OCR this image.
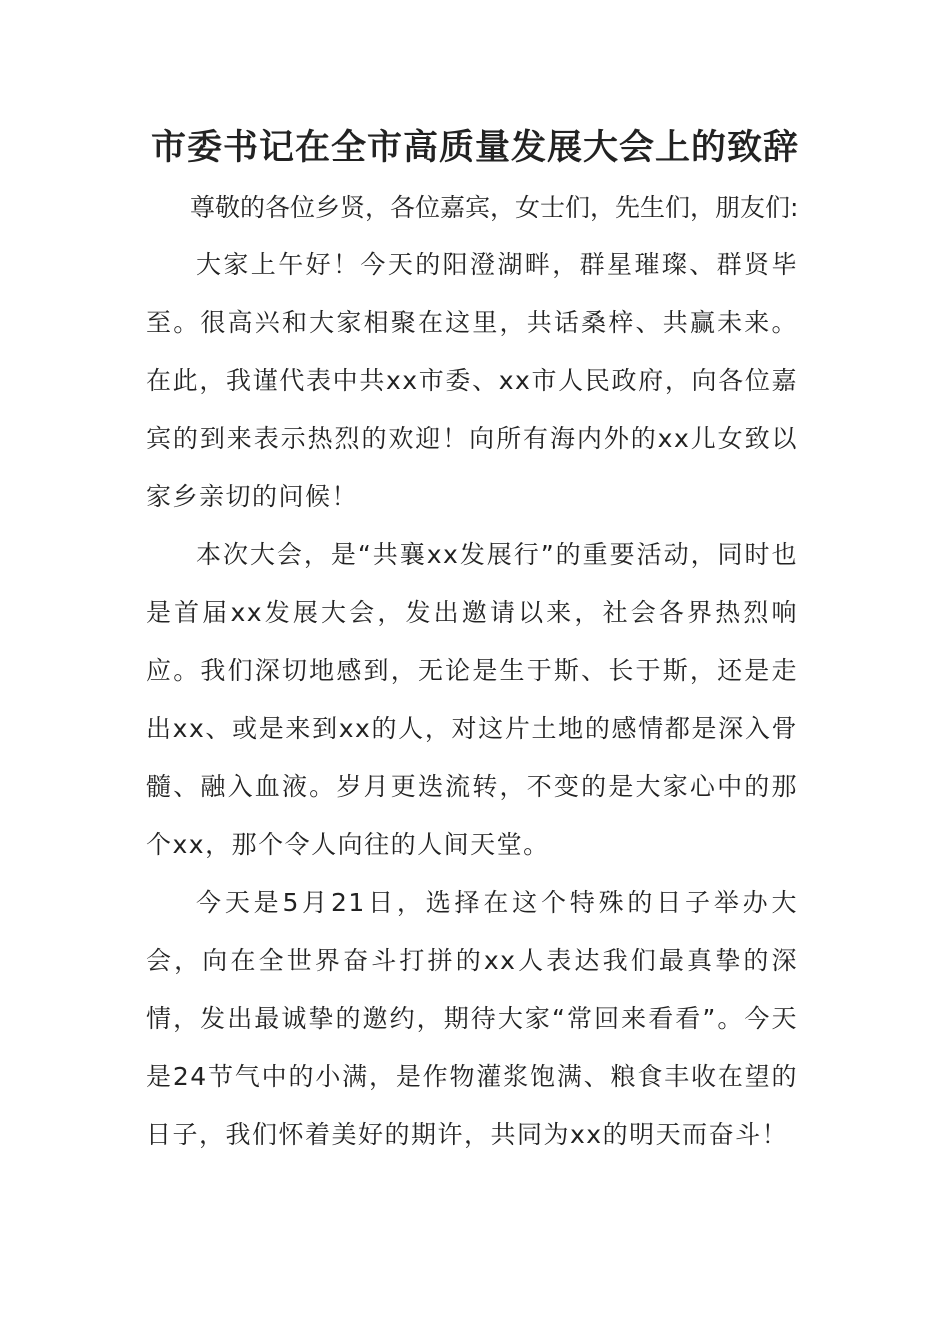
市委书记在全市高质量发展大会上的致辞

尊敬的各位乡贤，各位嘉宾，女士们，先生们，朋友们:

大家上午好！今天的阳澄湖畔，群星璀璨、群贤毕至。很高兴和大家相聚在这里，共话桑梓、共赢未来。在此，我谨代表中共xx市委、xx市人民政府，向各位嘉宾的到来表示热烈的欢迎！向所有海内外的xx儿女致以家乡亲切的问候！

本次大会，是“共襄xx发展行”的重要活动，同时也是首届xx发展大会，发出邀请以来，社会各界热烈响应。我们深切地感到，无论是生于斯、长于斯，还是走出xx、或是来到xx的人，对这片土地的感情都是深入骨髓、融入血液。岁月更迭流转，不变的是大家心中的那个xx，那个令人向往的人间天堂。

今天是5月21日，选择在这个特殊的日子举办大会，向在全世界奋斗打拼的xx人表达我们最真挚的深情，发出最诚挚的邀约，期待大家“常回来看看”。今天是24节气中的小满，是作物灌浆饱满、粮食丰收在望的日子，我们怀着美好的期许，共同为xx的明天而奋斗！
